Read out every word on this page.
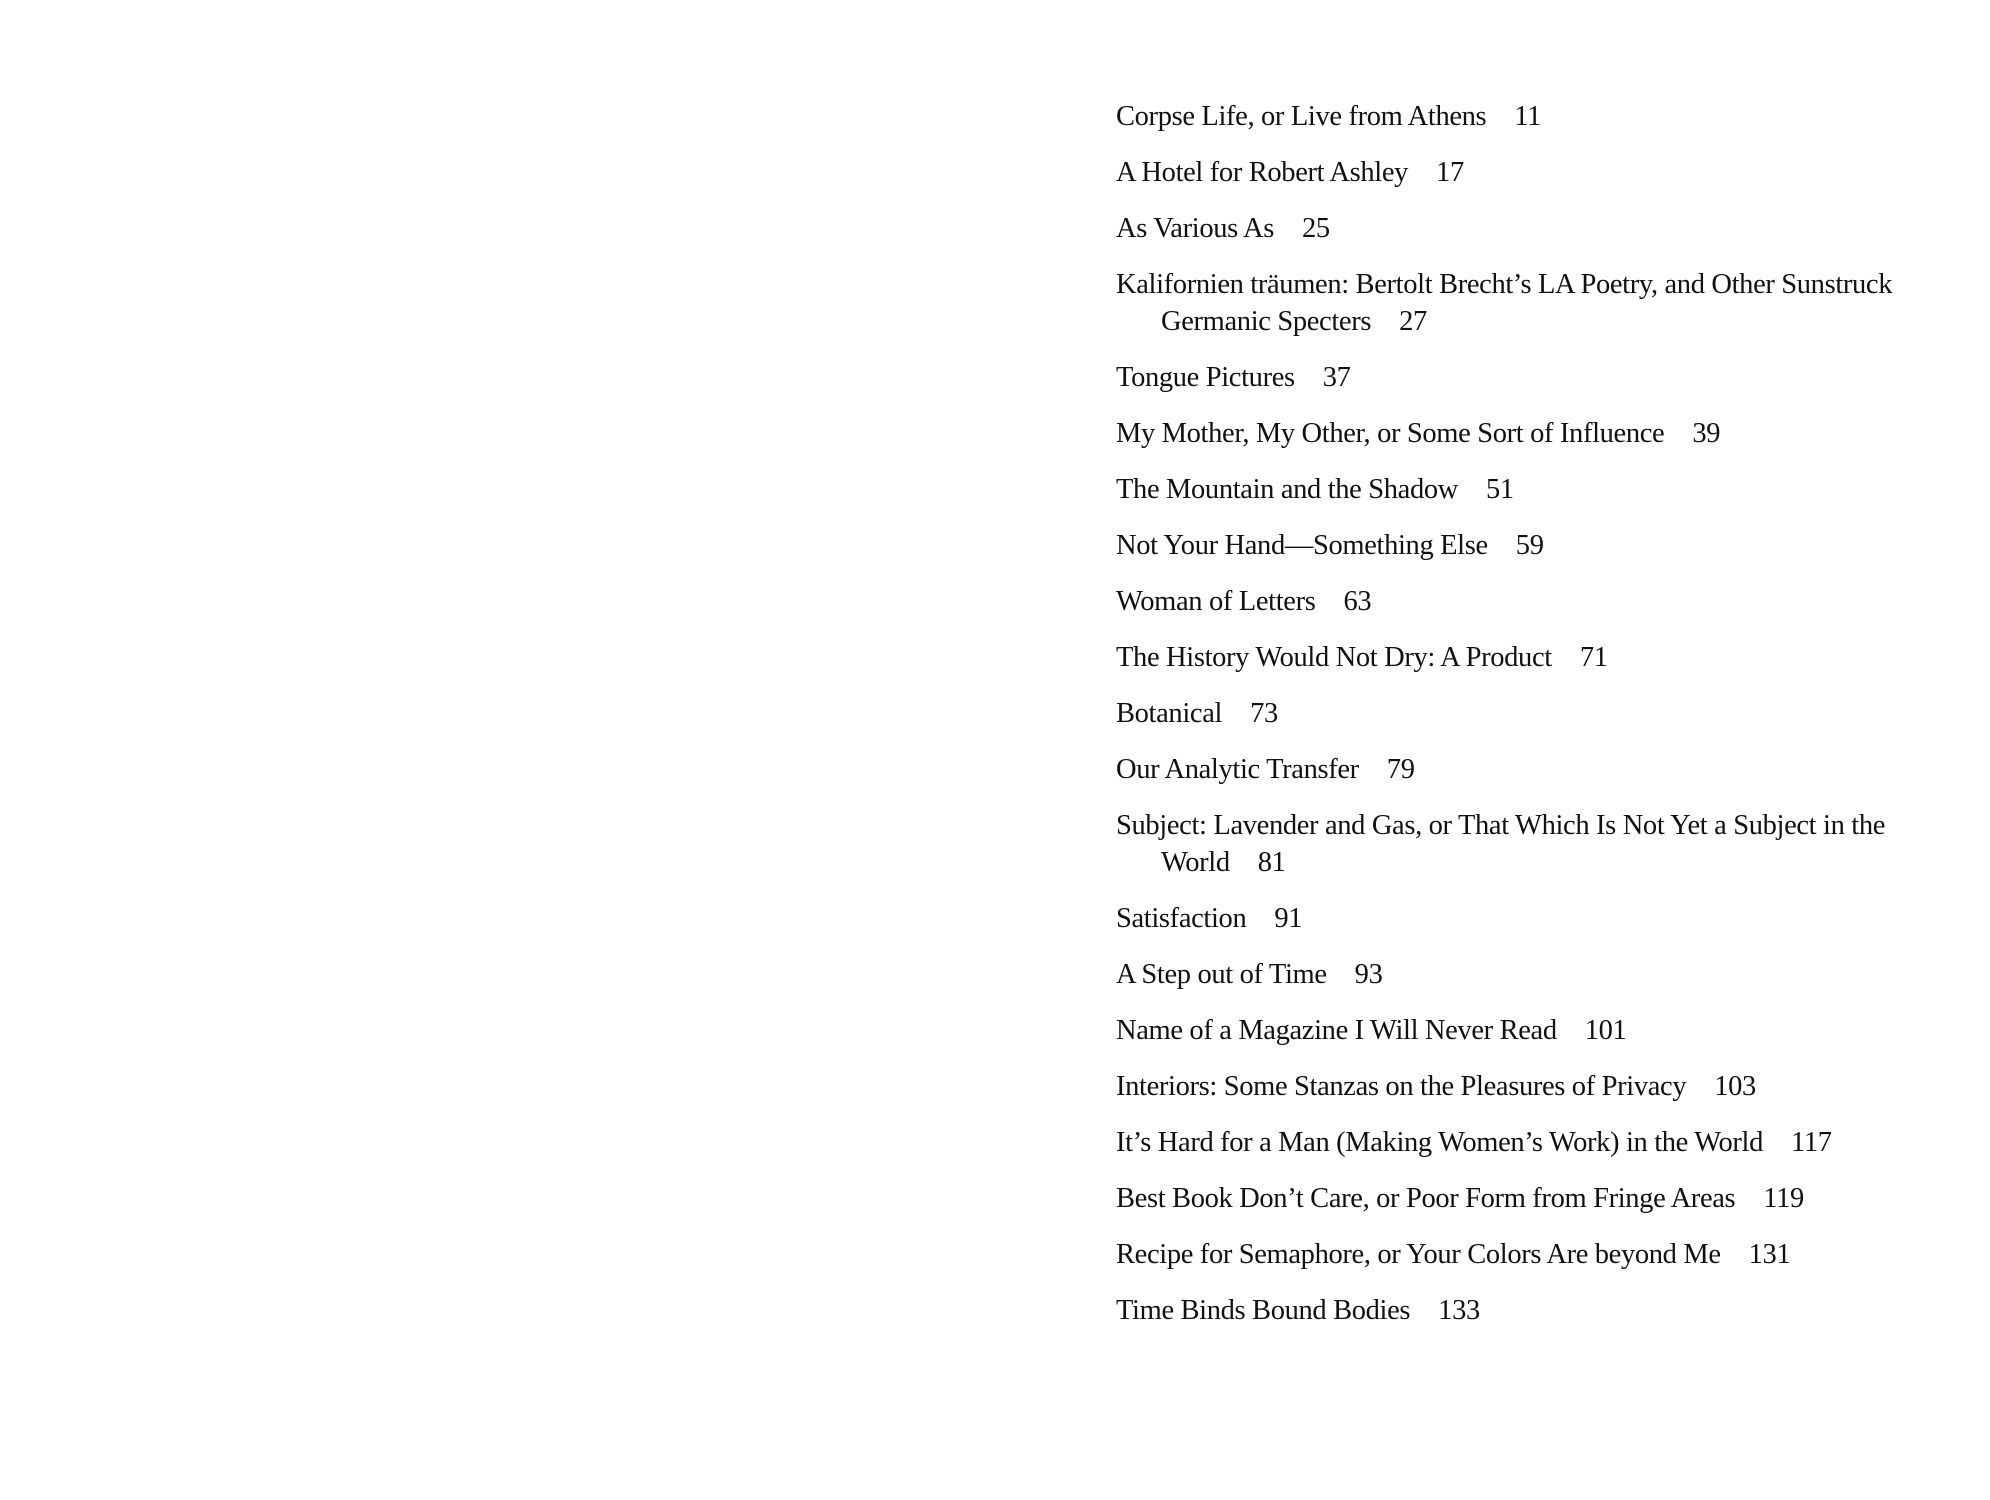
Corpse Life, or Live from Athens 11
A Hotel for Robert Ashley 17
As Various As 25
Kalifornien träumen: Bertolt Brecht’s LA Poetry, and Other Sunstruck Germanic Specters 27
Tongue Pictures 37
My Mother, My Other, or Some Sort of Influence 39
The Mountain and the Shadow 51
Not Your Hand—Something Else 59
Woman of Letters 63
The History Would Not Dry: A Product 71
Botanical 73
Our Analytic Transfer 79
Subject: Lavender and Gas, or That Which Is Not Yet a Subject in the World 81
Satisfaction 91
A Step out of Time 93
Name of a Magazine I Will Never Read 101
Interiors: Some Stanzas on the Pleasures of Privacy 103
It’s Hard for a Man (Making Women’s Work) in the World 117
Best Book Don’t Care, or Poor Form from Fringe Areas 119
Recipe for Semaphore, or Your Colors Are beyond Me 131
Time Binds Bound Bodies 133
